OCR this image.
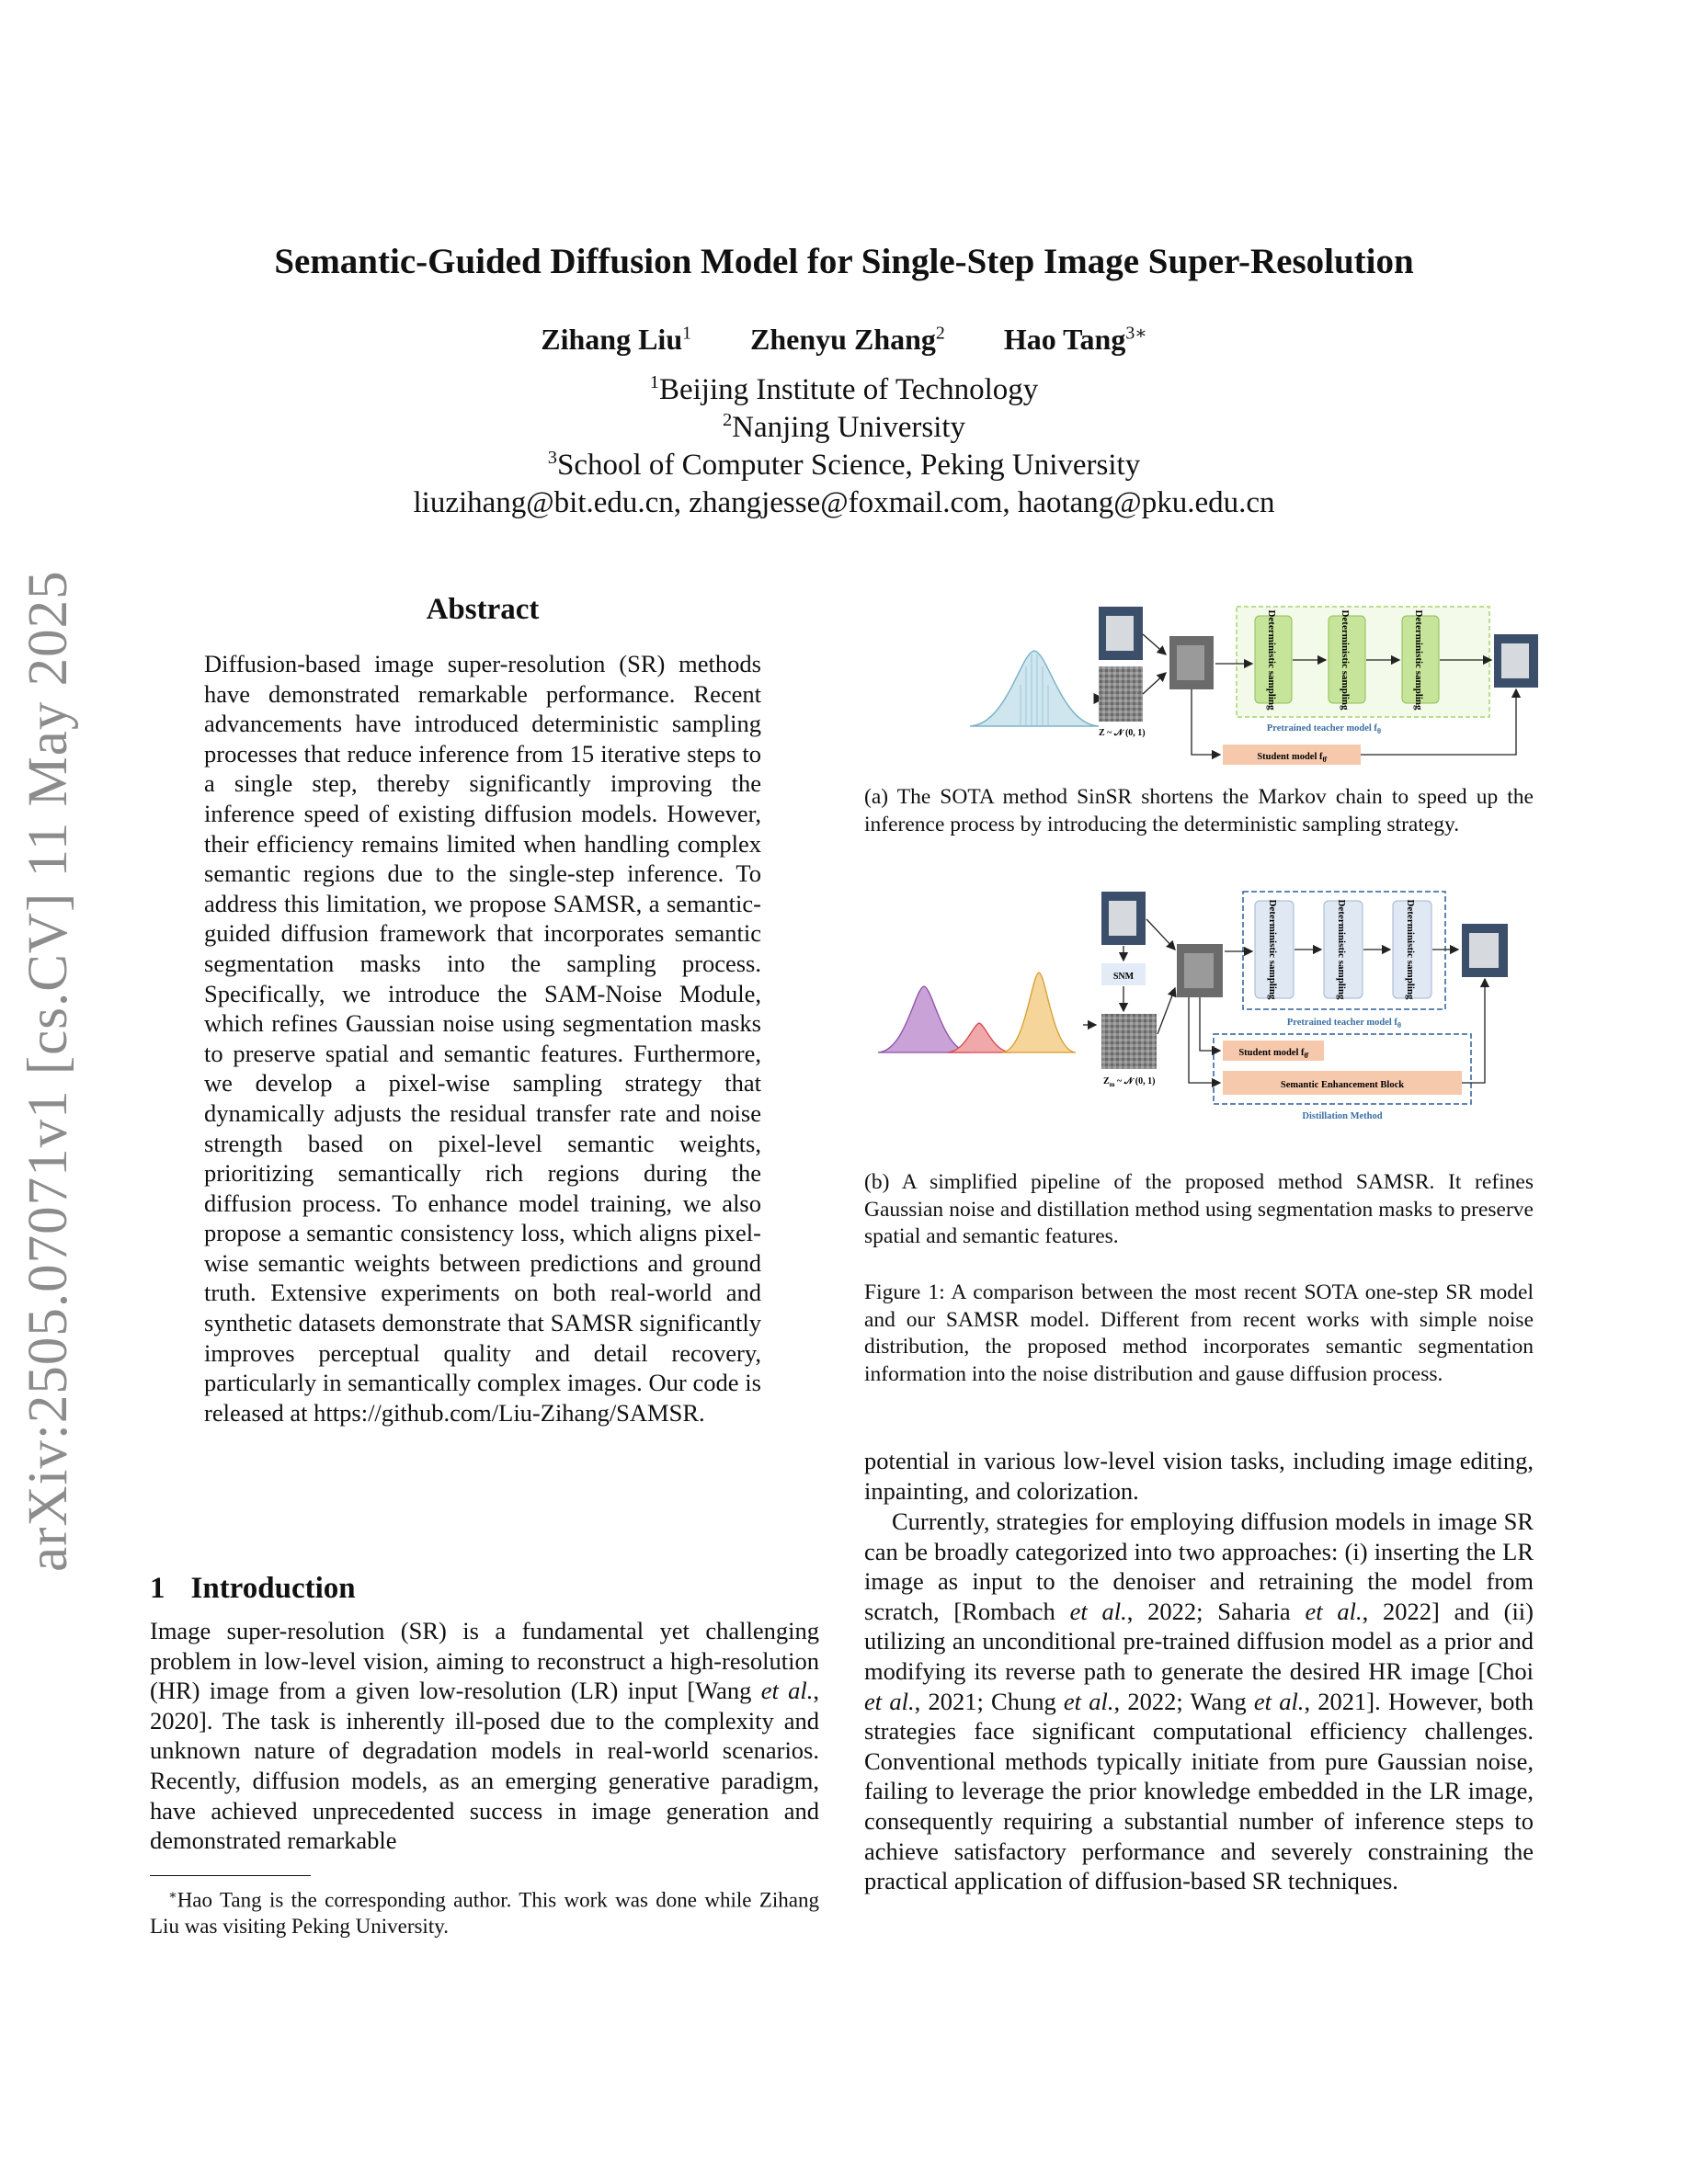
Semantic-Guided Diffusion Model for Single-Step Image Super-Resolution
Zihang Liu$^1$ Zhenyu Zhang$^2$ Hao Tang$^{3∗}$
$^1$Beijing Institute of Technology
$^2$Nanjing University
$^3$School of Computer Science, Peking University
liuzihang@bit.edu.cn, zhangjesse@foxmail.com, haotang@pku.edu.cn
arXiv:2505.07071v1 [cs.CV] 11 May 2025	Abstract
Diffusion-based image super-resolution (SR) methods have demonstrated remarkable performance. Recent advancements have introduced deterministic sampling processes that reduce inference from 15 iterative steps to a single step, thereby significantly improving the inference speed of existing diffusion models. However, their efficiency remains limited when handling complex semantic regions due to the single-step inference. To address this limitation, we propose SAMSR, a semantic-guided diffusion framework that incorporates semantic segmentation masks into the sampling process. Specifically, we introduce the SAM-Noise Module, which refines Gaussian noise using segmentation masks to preserve spatial and semantic features. Furthermore, we develop a pixel-wise sampling strategy that dynamically adjusts the residual transfer rate and noise strength based on pixel-level semantic weights, prioritizing semantically rich regions during the diffusion process. To enhance model training, we also propose a semantic consistency loss, which aligns pixel-wise semantic weights between predictions and ground truth. Extensive experiments on both real-world and synthetic datasets demonstrate that SAMSR significantly improves perceptual quality and detail recovery, particularly in semantically complex images. Our code is released at https://github.com/Liu-Zihang/SAMSR.
1 Introduction
Image super-resolution (SR) is a fundamental yet challenging problem in low-level vision, aiming to reconstruct a high-resolution (HR) image from a given low-resolution (LR) input [Wang et al., 2020]. The task is inherently ill-posed due to the complexity and unknown nature of degradation models in real-world scenarios. Recently, diffusion models, as an emerging generative paradigm, have achieved unprecedented success in image generation and demonstrated remarkable
∗Hao Tang is the corresponding author. This work was done while Zihang Liu was visiting Peking University.
potential in various low-level vision tasks, including image editing, inpainting, and colorization.
Currently, strategies for employing diffusion models in image SR can be broadly categorized into two approaches: (i) inserting the LR image as input to the denoiser and retraining the model from scratch, [Rombach et al., 2022; Saharia et al., 2022] and (ii) utilizing an unconditional pre-trained diffusion model as a prior and modifying its reverse path to generate the desired HR image [Choi et al., 2021; Chung et al., 2022; Wang et al., 2021]. However, both strategies face significant computational efficiency challenges. Conventional methods typically initiate from pure Gaussian noise, failing to leverage the prior knowledge embedded in the LR image, consequently requiring a substantial number of inference steps to achieve satisfactory performance and severely constraining the practical application of diffusion-based SR techniques.
Z ~ 𝒩 (0, 1)
Deterministic sampling	Deterministic sampling	Deterministic sampling
Pretrained teacher model $f_\theta$
Student model $f_{\thetâ}$
(a) The SOTA method SinSR shortens the Markov chain to speed up the inference process by introducing the deterministic sampling strategy.
SNM
$Z_m$ ~ 𝒩 (0, 1)
Deterministic sampling	Deterministic sampling	Deterministic sampling
Pretrained teacher model $f_\theta$
Student model $f_{\thetâ}$
Semantic Enhancement Block
Distillation Method
(b) A simplified pipeline of the proposed method SAMSR. It refines Gaussian noise and distillation method using segmentation masks to preserve spatial and semantic features.
Figure 1: A comparison between the most recent SOTA one-step SR model and our SAMSR model. Different from recent works with simple noise distribution, the proposed method incorporates semantic segmentation information into the noise distribution and gause diffusion process.
